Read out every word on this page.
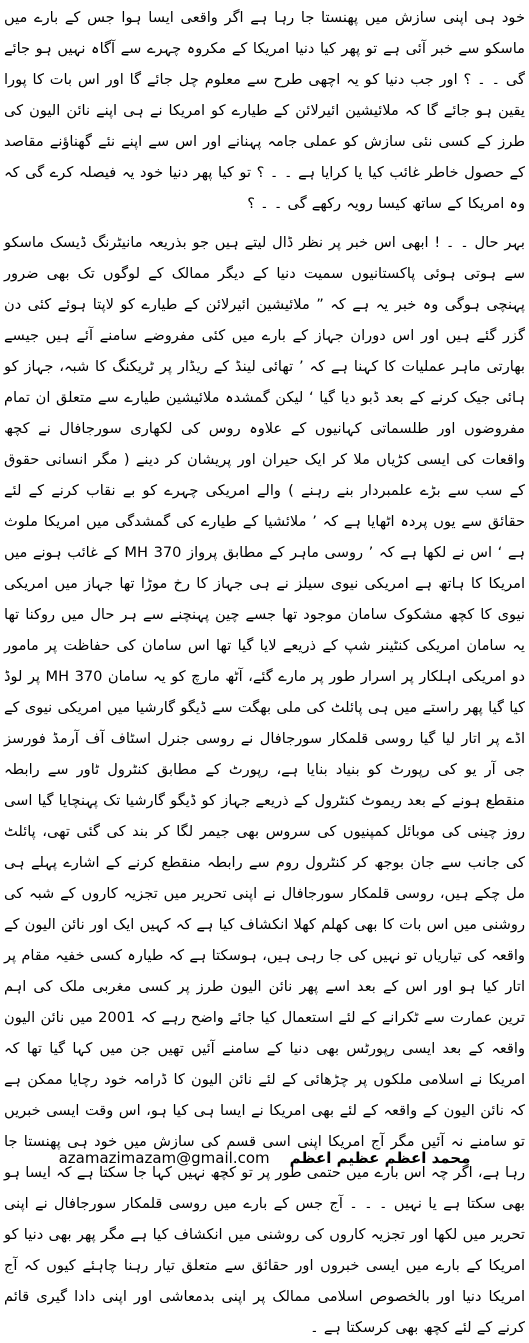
خود ہی اپنی سازش میں پھنستا جا رہا ہے اگر واقعی ایسا ہوا جس کے بارے میں ماسکو سے خبر آئی ہے تو پھر کیا دنیا امریکا کے مکروہ چہرے سے آگاہ نہیں ہو جائے گی ۔ ۔ ؟ اور جب دنیا کو یہ اچھی طرح سے معلوم چل جائے گا اور اس بات کا پورا یقین ہو جائے گا کہ ملائیشین ائیرلائن کے طیارے کو امریکا نے ہی اپنے نائن الیون کی طرز کے کسی نئی سازش کو عملی جامہ پہنانے اور اس سے اپنے نئے گھناؤنے مقاصد کے حصول خاطر غائب کیا یا کرایا ہے ۔ ۔ ؟ تو کیا پھر دنیا خود یہ فیصلہ کرے گی کہ وہ امریکا کے ساتھ کیسا رویہ رکھے گی ۔ ۔ ؟

بہر حال ۔ ۔ ! ابھی اس خبر پر نظر ڈال لیتے ہیں جو بذریعہ مانیٹرنگ ڈیسک ماسکو سے ہوتی ہوئی پاکستانیوں سمیت دنیا کے دیگر ممالک کے لوگوں تک بھی ضرور پہنچی ہوگی وہ خبر یہ ہے کہ ” ملائیشین ائیرلائن کے طیارے کو لاپتا ہوئے کئی دن گزر گئے ہیں اور اس دوران جہاز کے بارے میں کئی مفروضے سامنے آئے ہیں جیسے بھارتی ماہر عملیات کا کہنا ہے کہ ’ تھائی لینڈ کے ریڈار پر ٹریکنگ کا شبہ، جہاز کو ہائی جیک کرنے کے بعد ڈبو دیا گیا ‘ لیکن گمشدہ ملائیشین طیارے سے متعلق ان تمام مفروضوں اور طلسماتی کہانیوں کے علاوہ روس کی لکھاری سورجافال نے کچھ واقعات کی ایسی کڑیاں ملا کر ایک حیران اور پریشان کر دینے ( مگر انسانی حقوق کے سب سے بڑے علمبردار بنے رہنے ) والے امریکی چہرے کو بے نقاب کرنے کے لئے حقائق سے یوں پردہ اٹھایا ہے کہ ’ ملائشیا کے طیارے کی گمشدگی میں امریکا ملوث ہے ‘ اس نے لکھا ہے کہ ’ روسی ماہر کے مطابق پرواز MH 370 کے غائب ہونے میں امریکا کا ہاتھ ہے امریکی نیوی سیلز نے ہی جہاز کا رخ موڑا تھا جہاز میں امریکی نیوی کا کچھ مشکوک سامان موجود تھا جسے چین پہنچنے سے ہر حال میں روکنا تھا یہ سامان امریکی کنٹینر شپ کے ذریعے لایا گیا تھا اس سامان کی حفاظت پر مامور دو امریکی اہلکار پر اسرار طور پر مارے گئے، آٹھ مارچ کو یہ سامان MH 370 پر لوڈ کیا گیا پھر راستے میں ہی پائلٹ کی ملی بھگت سے ڈیگو گارشیا میں امریکی نیوی کے اڈے پر اتار لیا گیا روسی قلمکار سورجافال نے روسی جنرل اسٹاف آف آرمڈ فورسز جی آر یو کی رپورٹ کو بنیاد بنایا ہے، رپورٹ کے مطابق کنٹرول ٹاور سے رابطہ منقطع ہونے کے بعد ریموٹ کنٹرول کے ذریعے جہاز کو ڈیگو گارشیا تک پہنچایا گیا اسی روز چینی کی موبائل کمپنیوں کی سروس بھی جیمر لگا کر بند کی گئی تھی، پائلٹ کی جانب سے جان بوجھ کر کنٹرول روم سے رابطہ منقطع کرنے کے اشارے پہلے ہی مل چکے ہیں، روسی قلمکار سورجافال نے اپنی تحریر میں تجزیہ کاروں کے شبہ کی روشنی میں اس بات کا بھی کھلم کھلا انکشاف کیا ہے کہ کہیں ایک اور نائن الیون کے واقعہ کی تیاریاں تو نہیں کی جا رہی ہیں، ہوسکتا ہے کہ طیارہ کسی خفیہ مقام پر اتار کیا ہو اور اس کے بعد اسے پھر نائن الیون طرز پر کسی مغربی ملک کی اہم ترین عمارت سے ٹکرانے کے لئے استعمال کیا جائے واضح رہے کہ 2001 میں نائن الیون واقعہ کے بعد ایسی رپورٹس بھی دنیا کے سامنے آئیں تھیں جن میں کہا گیا تھا کہ امریکا نے اسلامی ملکوں پر چڑھائی کے لئے نائن الیون کا ڈرامہ خود رچایا ممکن ہے کہ نائن الیون کے واقعہ کے لئے بھی امریکا نے ایسا ہی کیا ہو، اس وقت ایسی خبریں تو سامنے نہ آئیں مگر آج امریکا اپنی اسی قسم کی سازش میں خود ہی پھنستا جا رہا ہے، اگر چہ اس بارے میں حتمی طور پر تو کچھ نہیں کہا جا سکتا ہے کہ ایسا ہو بھی سکتا ہے یا نہیں ۔ ۔ ۔ آج جس کے بارے میں روسی قلمکار سورجافال نے اپنی تحریر میں لکھا اور تجزیہ کاروں کی روشنی میں انکشاف کیا ہے مگر پھر بھی دنیا کو امریکا کے بارے میں ایسی خبروں اور حقائق سے متعلق تیار رہنا چاہئے کیوں کہ آج امریکا دنیا اور بالخصوص اسلامی ممالک پر اپنی بدمعاشی اور اپنی دادا گیری قائم کرنے کے لئے کچھ بھی کرسکتا ہے ۔

azamazimazam@gmail.com محمد اعظم عظیم اعظم
